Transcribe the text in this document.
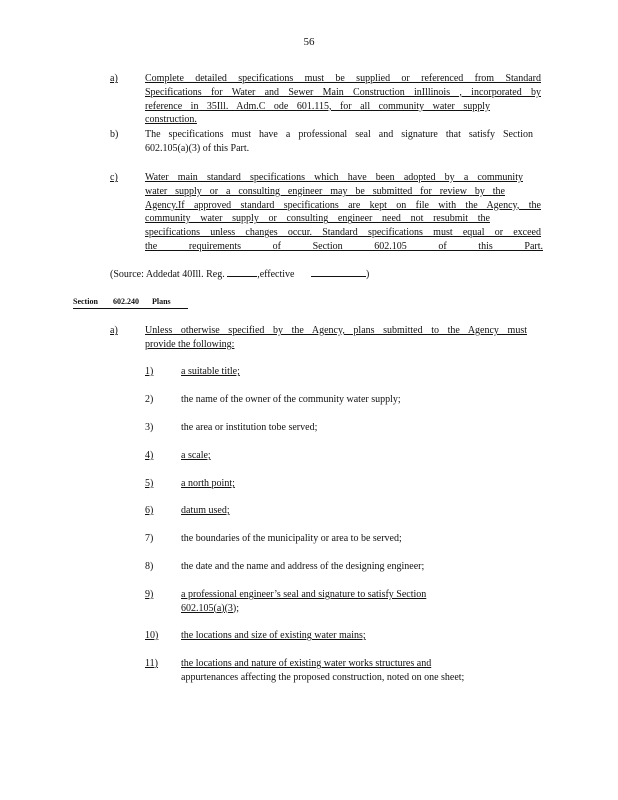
56
a)	Complete detailed specifications must be supplied or referenced from Standard
Specifications for Water and Sewer Main Construction inIllinois , incorporated by
reference in 35Ill. Adm.C ode 601.115, for all community water supply
construction.
b)	The specifications must have a professional seal and signature that satisfy Section
602.105(a)(3) of this Part.
c)	Water main standard specifications which have been adopted by a community
water supply or a consulting engineer may be submitted for review by the
Agency.If approved standard specifications are kept on file with the Agency, the
community water supply or consulting engineer need not resubmit the
specifications unless changes occur. Standard specifications must equal or exceed
the requirements of Section 602.105 of this Part.
(Source: Addedat 40Ill. Reg.	,effective	)
Section 602.240 Plans
a)	Unless otherwise specified by the Agency, plans submitted to the Agency must
provide the following:
1)	a suitable title;
2)	the name of the owner of the community water supply;
3)	the area or institution tobe served;
4)	a scale;
5)	a north point;
6)	datum used;
7)	the boundaries of the municipality or area to be served;
8)	the date and the name and address of the designing engineer;
9)	a professional engineer’s seal and signature to satisfy Section
602.105(a)(3);
10) the locations and size of existing water mains;
11) the locations and nature of existing water works structures and
appurtenances affecting the proposed construction, noted on one sheet;
